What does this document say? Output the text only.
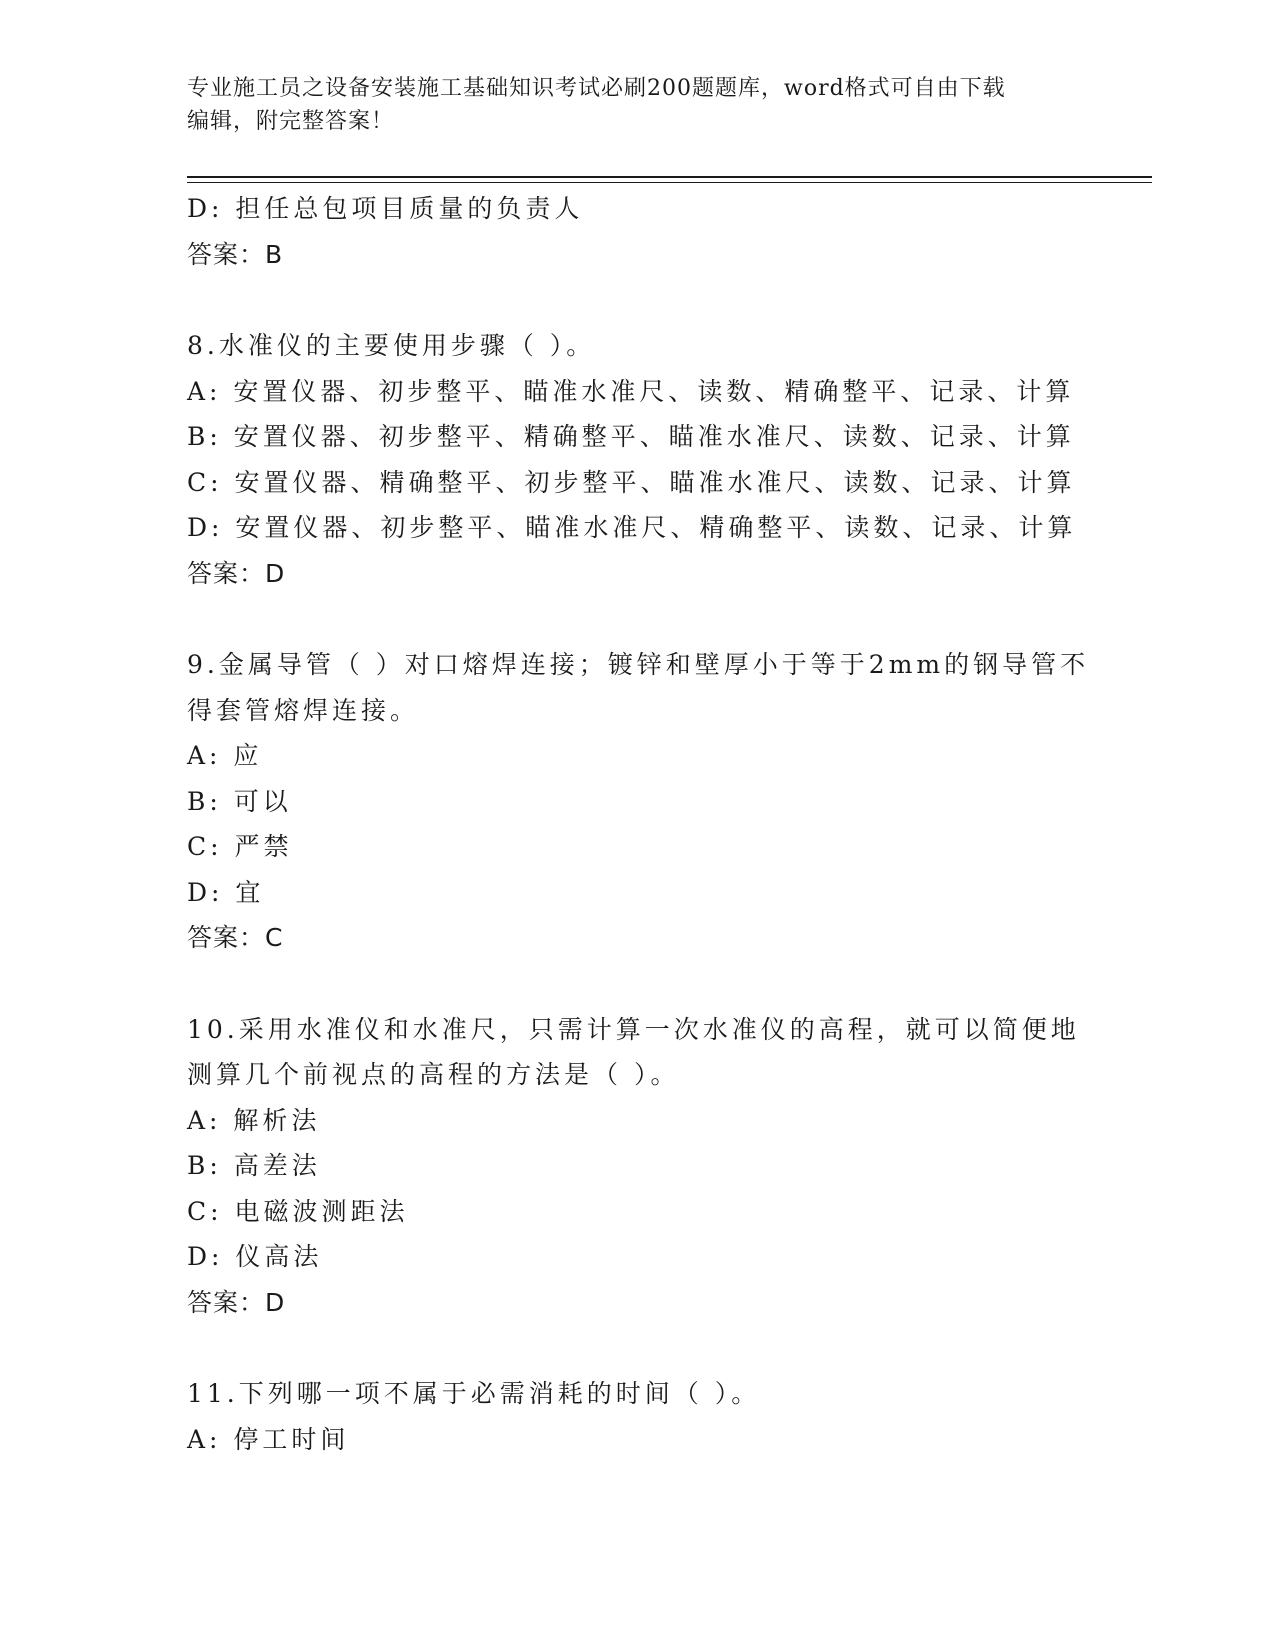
专业施工员之设备安装施工基础知识考试必刷200题题库，word格式可自由下载
编辑，附完整答案！
D: 担任总包项目质量的负责人
答案：B
8.水准仪的主要使用步骤（ ）。
A: 安置仪器、初步整平、瞄准水准尺、读数、精确整平、记录、计算
B: 安置仪器、初步整平、精确整平、瞄准水准尺、读数、记录、计算
C: 安置仪器、精确整平、初步整平、瞄准水准尺、读数、记录、计算
D: 安置仪器、初步整平、瞄准水准尺、精确整平、读数、记录、计算
答案：D
9.金属导管（ ）对口熔焊连接；镀锌和壁厚小于等于2mm的钢导管不
得套管熔焊连接。
A: 应
B: 可以
C: 严禁
D: 宜
答案：C
10.采用水准仪和水准尺，只需计算一次水准仪的高程，就可以简便地
测算几个前视点的高程的方法是（ ）。
A: 解析法
B: 高差法
C: 电磁波测距法
D: 仪高法
答案：D
11.下列哪一项不属于必需消耗的时间（ ）。
A: 停工时间
